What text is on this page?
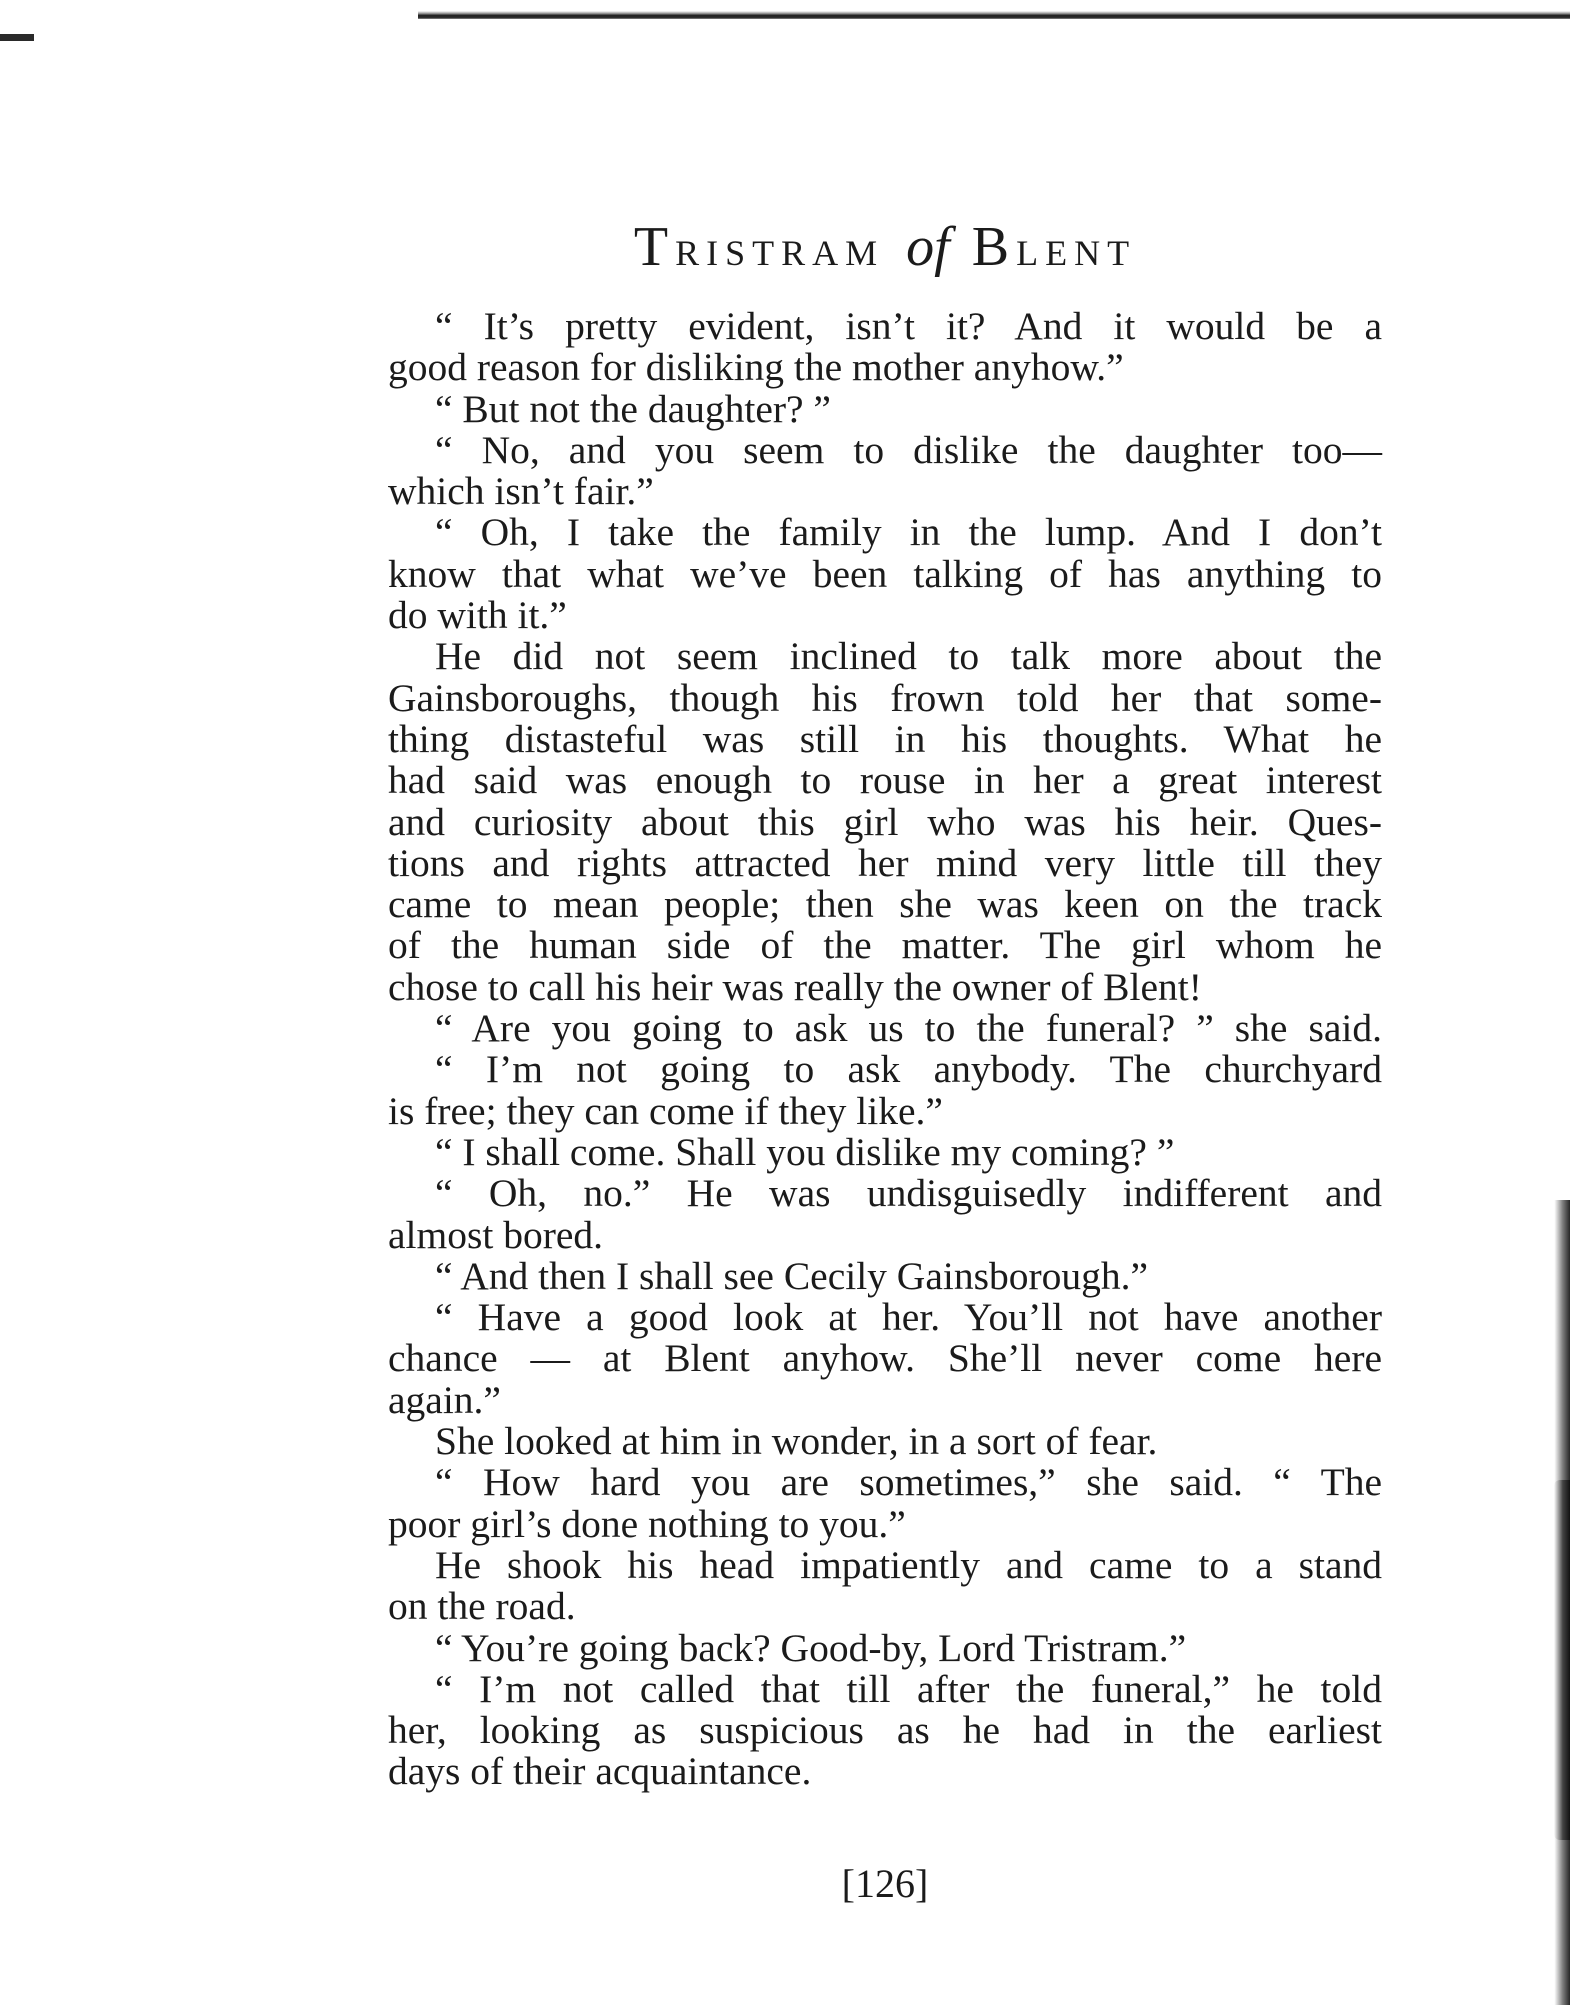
TRISTRAM of BLENT
“ It’s pretty evident, isn’t it? And it would be a
good reason for disliking the mother anyhow.”
“ But not the daughter? ”
“ No, and you seem to dislike the daughter too—
which isn’t fair.”
“ Oh, I take the family in the lump. And I don’t
know that what we’ve been talking of has anything to
do with it.”
He did not seem inclined to talk more about the
Gainsboroughs, though his frown told her that some-
thing distasteful was still in his thoughts. What he
had said was enough to rouse in her a great interest
and curiosity about this girl who was his heir. Ques-
tions and rights attracted her mind very little till they
came to mean people; then she was keen on the track
of the human side of the matter. The girl whom he
chose to call his heir was really the owner of Blent!
“ Are you going to ask us to the funeral? ” she said.
“ I’m not going to ask anybody. The churchyard
is free; they can come if they like.”
“ I shall come. Shall you dislike my coming? ”
“ Oh, no.” He was undisguisedly indifferent and
almost bored.
“ And then I shall see Cecily Gainsborough.”
“ Have a good look at her. You’ll not have another
chance — at Blent anyhow. She’ll never come here
again.”
She looked at him in wonder, in a sort of fear.
“ How hard you are sometimes,” she said. “ The
poor girl’s done nothing to you.”
He shook his head impatiently and came to a stand
on the road.
“ You’re going back? Good-by, Lord Tristram.”
“ I’m not called that till after the funeral,” he told
her, looking as suspicious as he had in the earliest
days of their acquaintance.
[126]
